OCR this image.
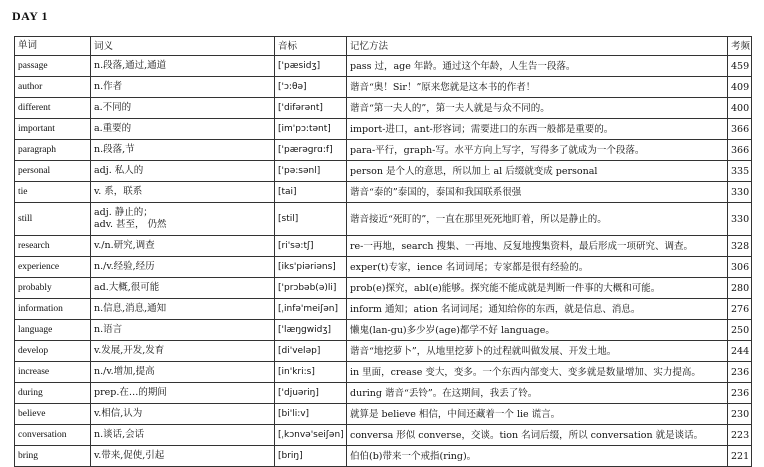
DAY 1
单词	词义	音标	记忆方法	考频
passage	n.段落,通过,通道	['pæsidʒ]	pass 过，age 年龄。通过这个年龄，人生告一段落。	459
author	n.作者	['ɔ:θə]	谐音“奥！Sir！”原来您就是这本书的作者！	409
different	a.不同的	['difərənt]	谐音“第一夫人的”，第一夫人就是与众不同的。	400
important	a.重要的	[im'pɔ:tənt]	import-进口，ant-形容词；需要进口的东西一般都是重要的。	366
paragraph	n.段落,节	['pærəgrɑ:f]	para-平行，graph-写。水平方向上写字，写得多了就成为一个段落。	366
personal	adj. 私人的	['pə:sənl]	person 是个人的意思，所以加上 al 后缀就变成 personal	335
tie	v. 系，联系	[tai]	谐音“泰的”泰国的，泰国和我国联系很强	330
still	adj. 静止的；
adv. 甚至， 仍然	[stil]	谐音接近“死盯的”，一直在那里死死地盯着，所以是静止的。	330
research	v./n.研究,调查	[ri'sə:tʃ]	re-一再地，search 搜集、一再地、反复地搜集资料，最后形成一项研究、调查。	328
experience	n./v.经验,经历	[iks'piəriəns]	exper(t)专家，ience 名词词尾；专家都是很有经验的。	306
probably	ad.大概,很可能	['prɔbəb(ə)li]	prob(e)探究，abl(e)能够。探究能不能成就是判断一件事的大概和可能。	280
information	n.信息,消息,通知	[ˌinfə'meiʃən]	inform 通知；ation 名词词尾；通知给你的东西，就是信息、消息。	276
language	n.语言	['læŋgwidʒ]	懒鬼(lan-gu)多少岁(age)都学不好 language。	250
develop	v.发展,开发,发育	[di'veləp]	谐音“地挖萝卜”，从地里挖萝卜的过程就叫做发展、开发土地。	244
increase	n./v.增加,提高	[in'kri:s]	in 里面，crease 变大，变多。一个东西内部变大、变多就是数量增加、实力提高。	236
during	prep.在…的期间	['djuəriŋ]	during 谐音“丢铃”。在这期间，我丢了铃。	236
believe	v.相信,认为	[bi'li:v]	就算是 believe 相信，中间还藏着一个 lie 谎言。	230
conversation	n.谈话,会话	[ˌkɔnvə'seiʃən]	conversa 形似 converse，交谈。tion 名词后缀，所以 conversation 就是谈话。	223
bring	v.带来,促使,引起	[briŋ]	伯伯(b)带来一个戒指(ring)。	221
